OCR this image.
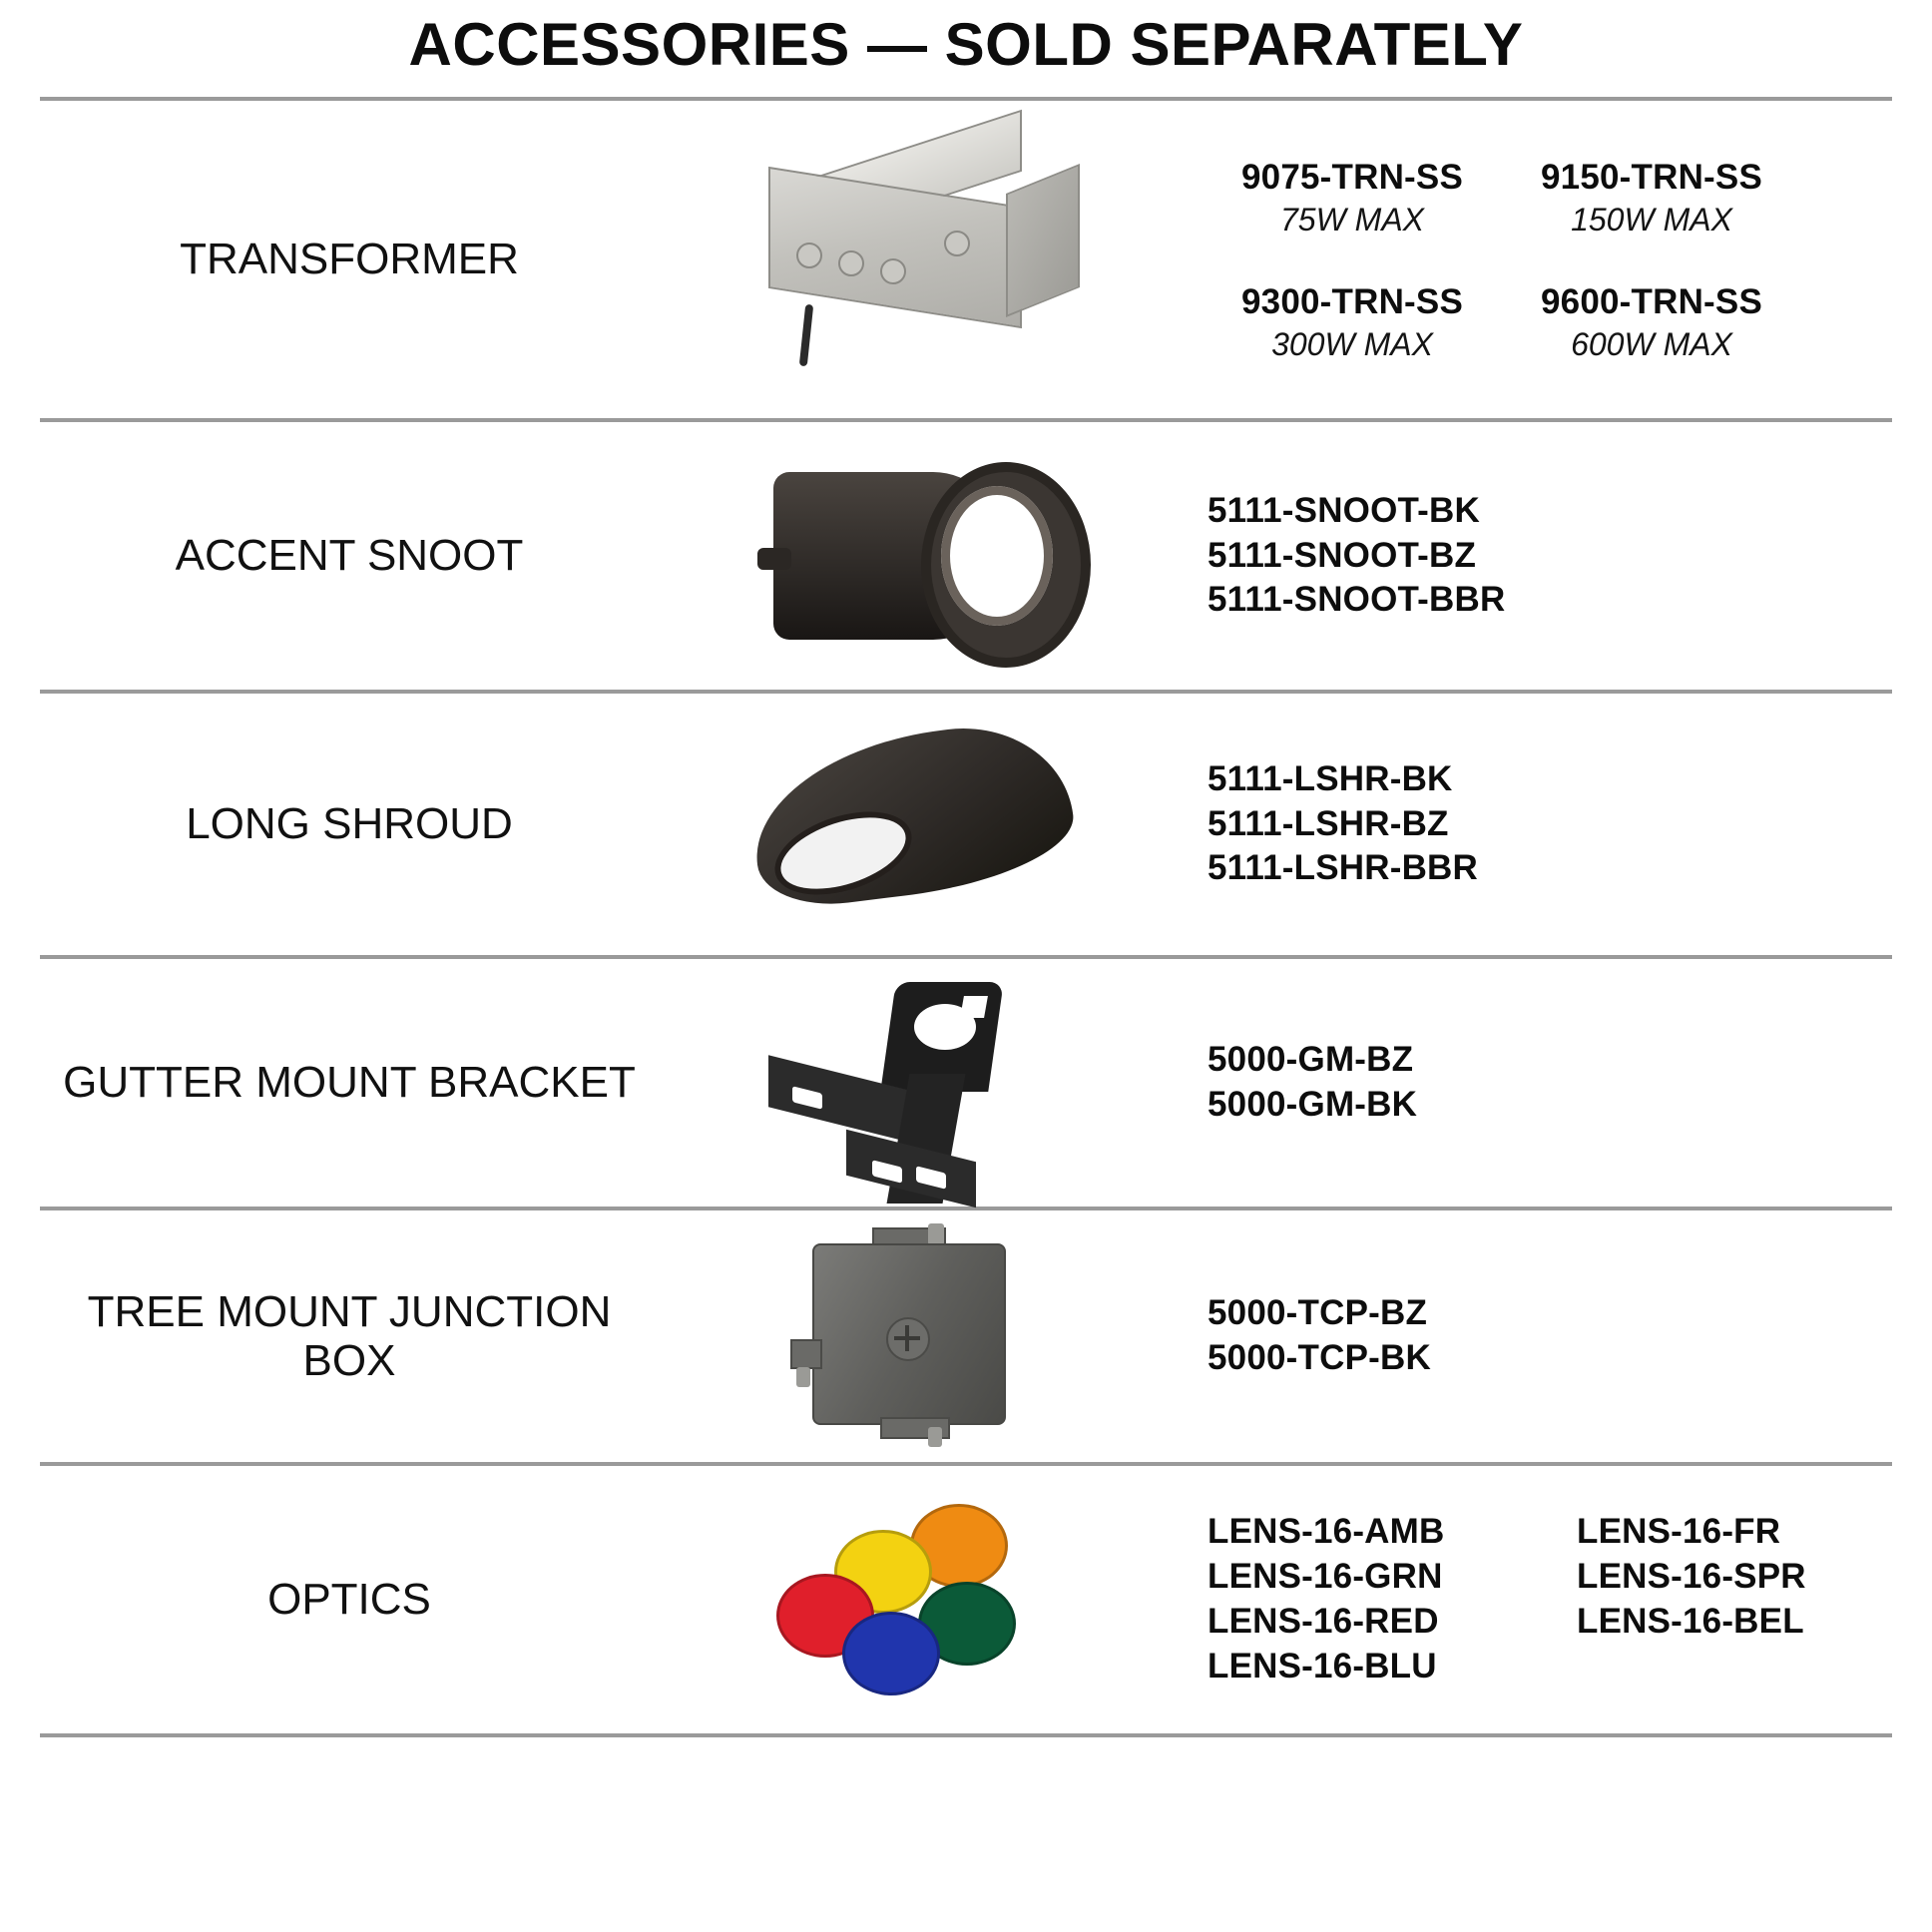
ACCESSORIES — SOLD SEPARATELY
TRANSFORMER
9075-TRN-SS
75W MAX
9150-TRN-SS
150W MAX
9300-TRN-SS
300W MAX
9600-TRN-SS
600W MAX
ACCENT SNOOT
5111-SNOOT-BK
5111-SNOOT-BZ
5111-SNOOT-BBR
LONG SHROUD
5111-LSHR-BK
5111-LSHR-BZ
5111-LSHR-BBR
GUTTER MOUNT BRACKET	5000-GM-BZ
5000-GM-BK
TREE MOUNT JUNCTION BOX
5000-TCP-BZ
5000-TCP-BK
OPTICS
LENS-16-AMB
LENS-16-GRN
LENS-16-RED
LENS-16-BLU
LENS-16-FR
LENS-16-SPR
LENS-16-BEL
